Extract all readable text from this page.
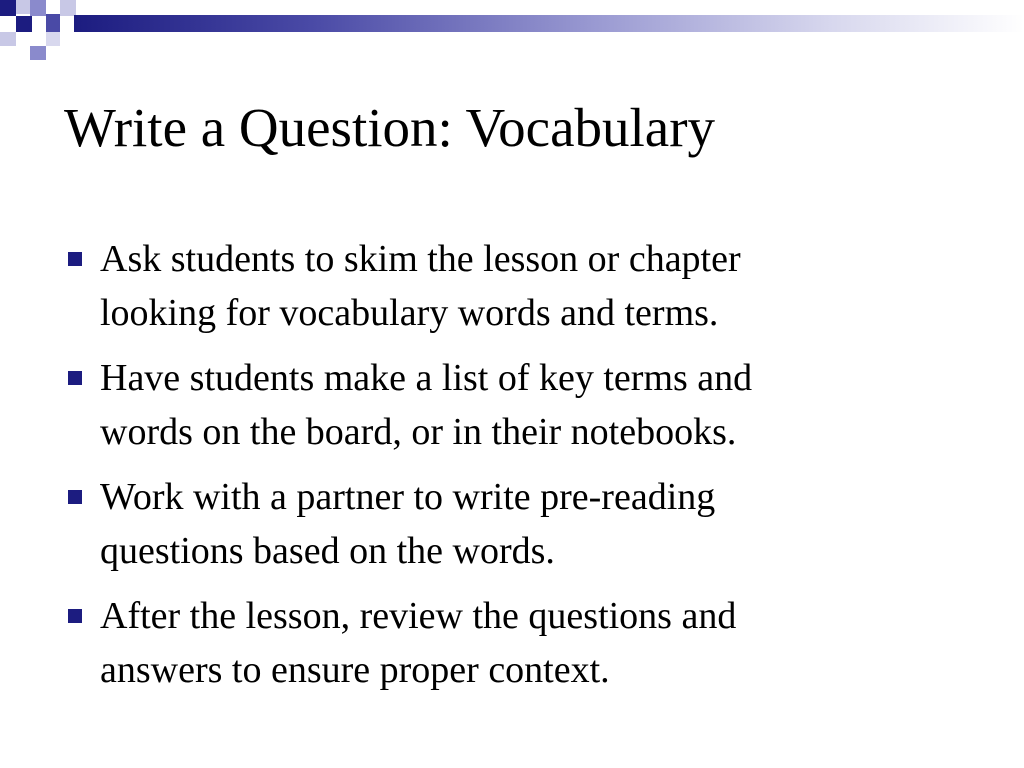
Write a Question: Vocabulary
Ask students to skim the lesson or chapter
looking for vocabulary words and terms.
Have students make a list of key terms and
words on the board, or in their notebooks.
Work with a partner to write pre-reading
questions based on the words.
After the lesson, review the questions and
answers to ensure proper context.
